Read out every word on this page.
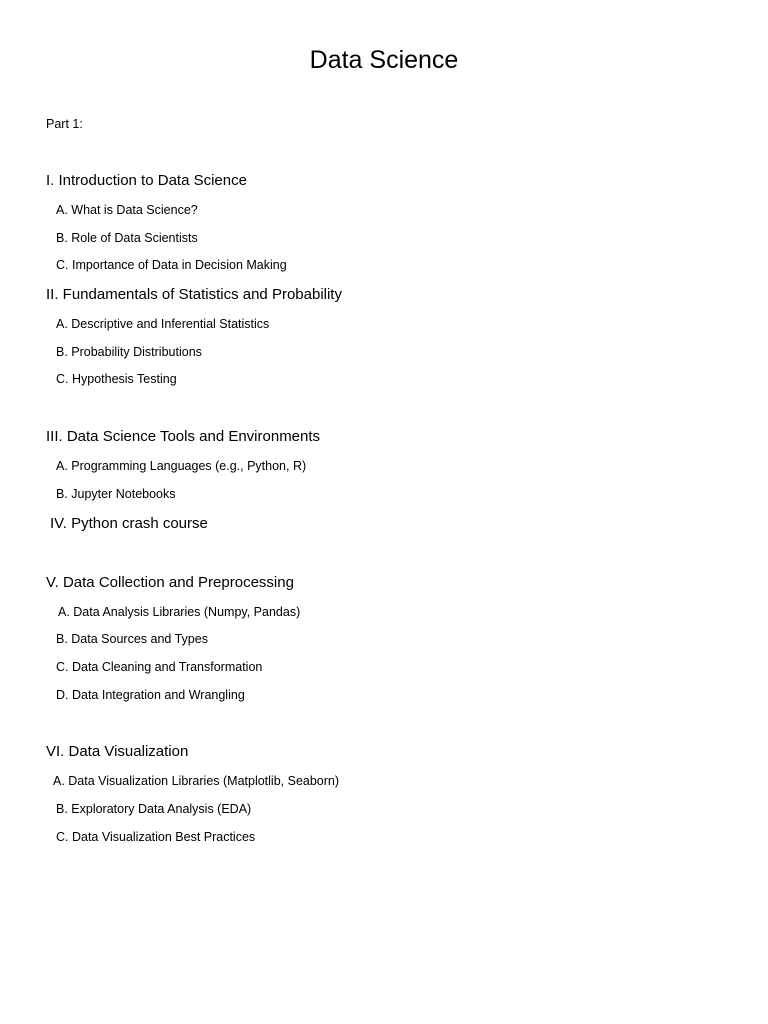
Data Science
Part 1:
I. Introduction to Data Science
A. What is Data Science?
B. Role of Data Scientists
C. Importance of Data in Decision Making
II. Fundamentals of Statistics and Probability
A. Descriptive and Inferential Statistics
B. Probability Distributions
C. Hypothesis Testing
III. Data Science Tools and Environments
A. Programming Languages (e.g., Python, R)
B. Jupyter Notebooks
IV. Python crash course
V. Data Collection and Preprocessing
A. Data Analysis Libraries (Numpy, Pandas)
B. Data Sources and Types
C. Data Cleaning and Transformation
D. Data Integration and Wrangling
VI. Data Visualization
A. Data Visualization Libraries (Matplotlib, Seaborn)
B. Exploratory Data Analysis (EDA)
C. Data Visualization Best Practices
